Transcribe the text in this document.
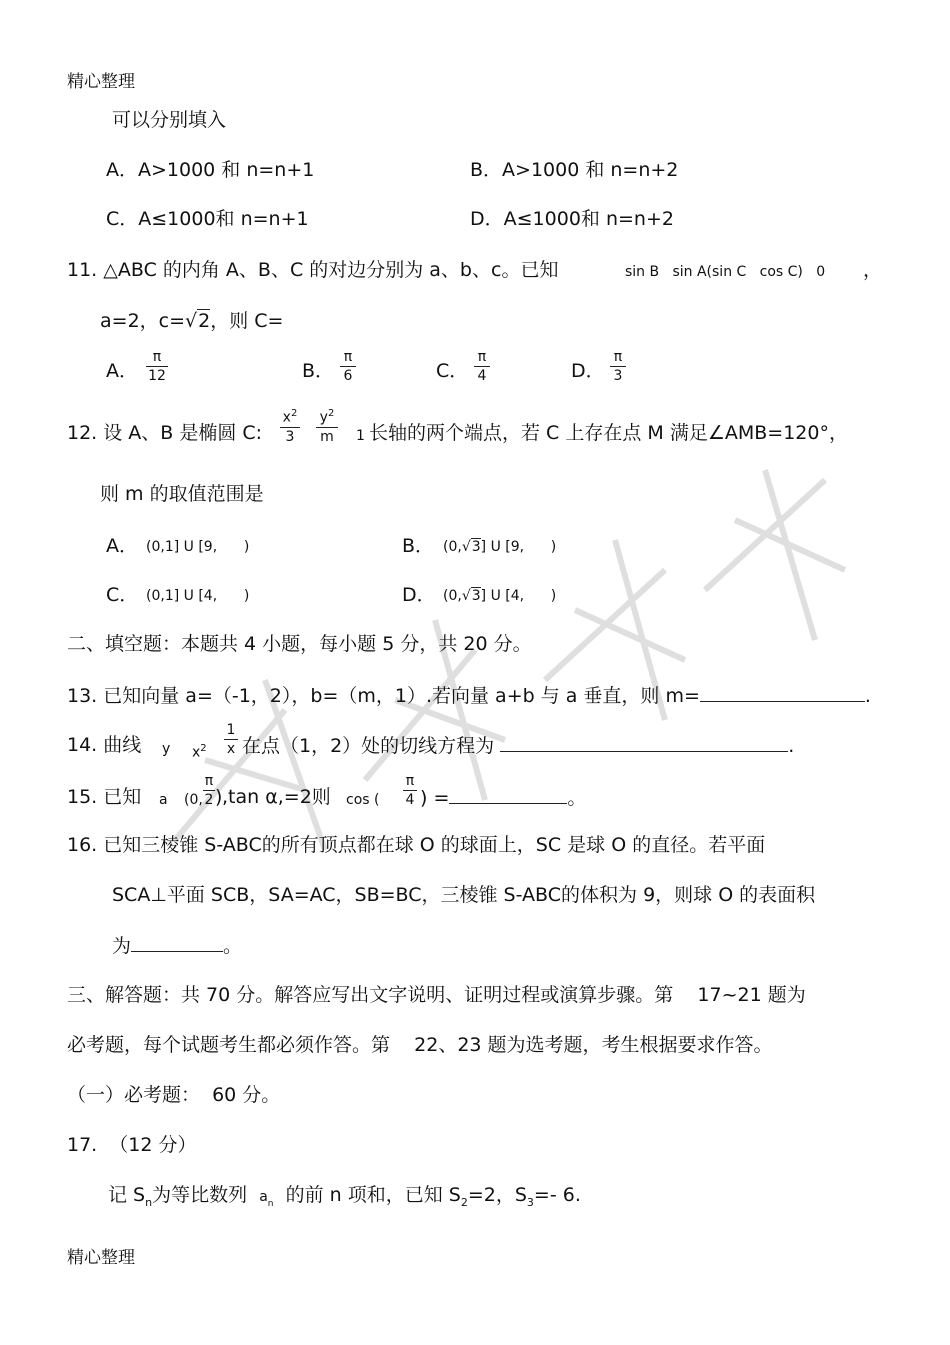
精心整理
可以分别填入
A．A>1000 和 n=n+1	B．A>1000 和 n=n+2
C．A≤1000和 n=n+1	D．A≤1000和 n=n+2
11. △ABC 的内角 A、B、C 的对边分别为 a、b、c。已知	sin B   sin A(sin C   cos C)   0 ，
a=2，c=√2，则 C=
A．
π
12	B．
π
6	C．
π
4	D．
π
3
12. 设 A、B 是椭圆 C:
$x^2$
3
$y^2$
m 1 长轴的两个端点，若 C 上存在点 M 满足∠AMB=120°，
则 m 的取值范围是
A． (0,1] U [9,      )	B． (0,√3] U [9,      )
C． (0,1] U [4,      )	D． (0,√3] U [4,      )
二、填空题：本题共 4 小题，每小题 5 分，共 20 分。
13. 已知向量 a=（-1，2），b=（m，1）.若向量 a+b 与 a 垂直，则 m=	.
14. 曲线 y $x^2$
1
x 在点（1，2）处的切线方程为	.
15. 已知 a (0,
π
2 ) ,tan α,=2则 cos (
π
4 ) =	。
16. 已知三棱锥 S-ABC的所有顶点都在球 O 的球面上，SC 是球 O 的直径。若平面
SCA⊥平面 SCB，SA=AC，SB=BC，三棱锥 S-ABC的体积为 9，则球 O 的表面积
为	。
三、解答题：共 70 分。解答应写出文字说明、证明过程或演算步骤。第    17~21 题为
必考题，每个试题考生都必须作答。第    22、23 题为选考题，考生根据要求作答。
（一）必考题：  60 分。
17.  （12 分）
记 $S_n$为等比数列 $a_n$ 的前 n 项和，已知 $S_2=2$，$S_3=-$ 6.
精心整理
